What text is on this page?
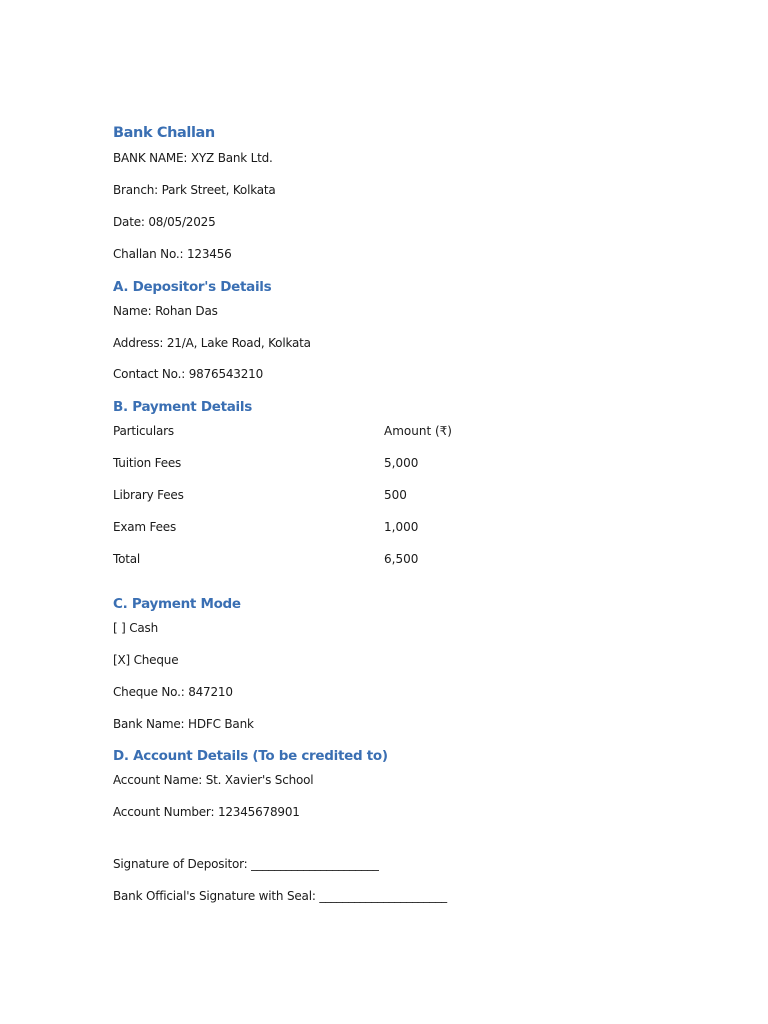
Bank Challan
BANK NAME: XYZ Bank Ltd.
Branch: Park Street, Kolkata
Date: 08/05/2025
Challan No.: 123456
A. Depositor's Details
Name: Rohan Das
Address: 21/A, Lake Road, Kolkata
Contact No.: 9876543210
B. Payment Details
Particulars	Amount (₹)
Tuition Fees	5,000
Library Fees	500
Exam Fees	1,000
Total	6,500
C. Payment Mode
[ ] Cash
[X] Cheque
Cheque No.: 847210
Bank Name: HDFC Bank
D. Account Details (To be credited to)
Account Name: St. Xavier's School
Account Number: 12345678901
Signature of Depositor: ______________________
Bank Official's Signature with Seal: ______________________
